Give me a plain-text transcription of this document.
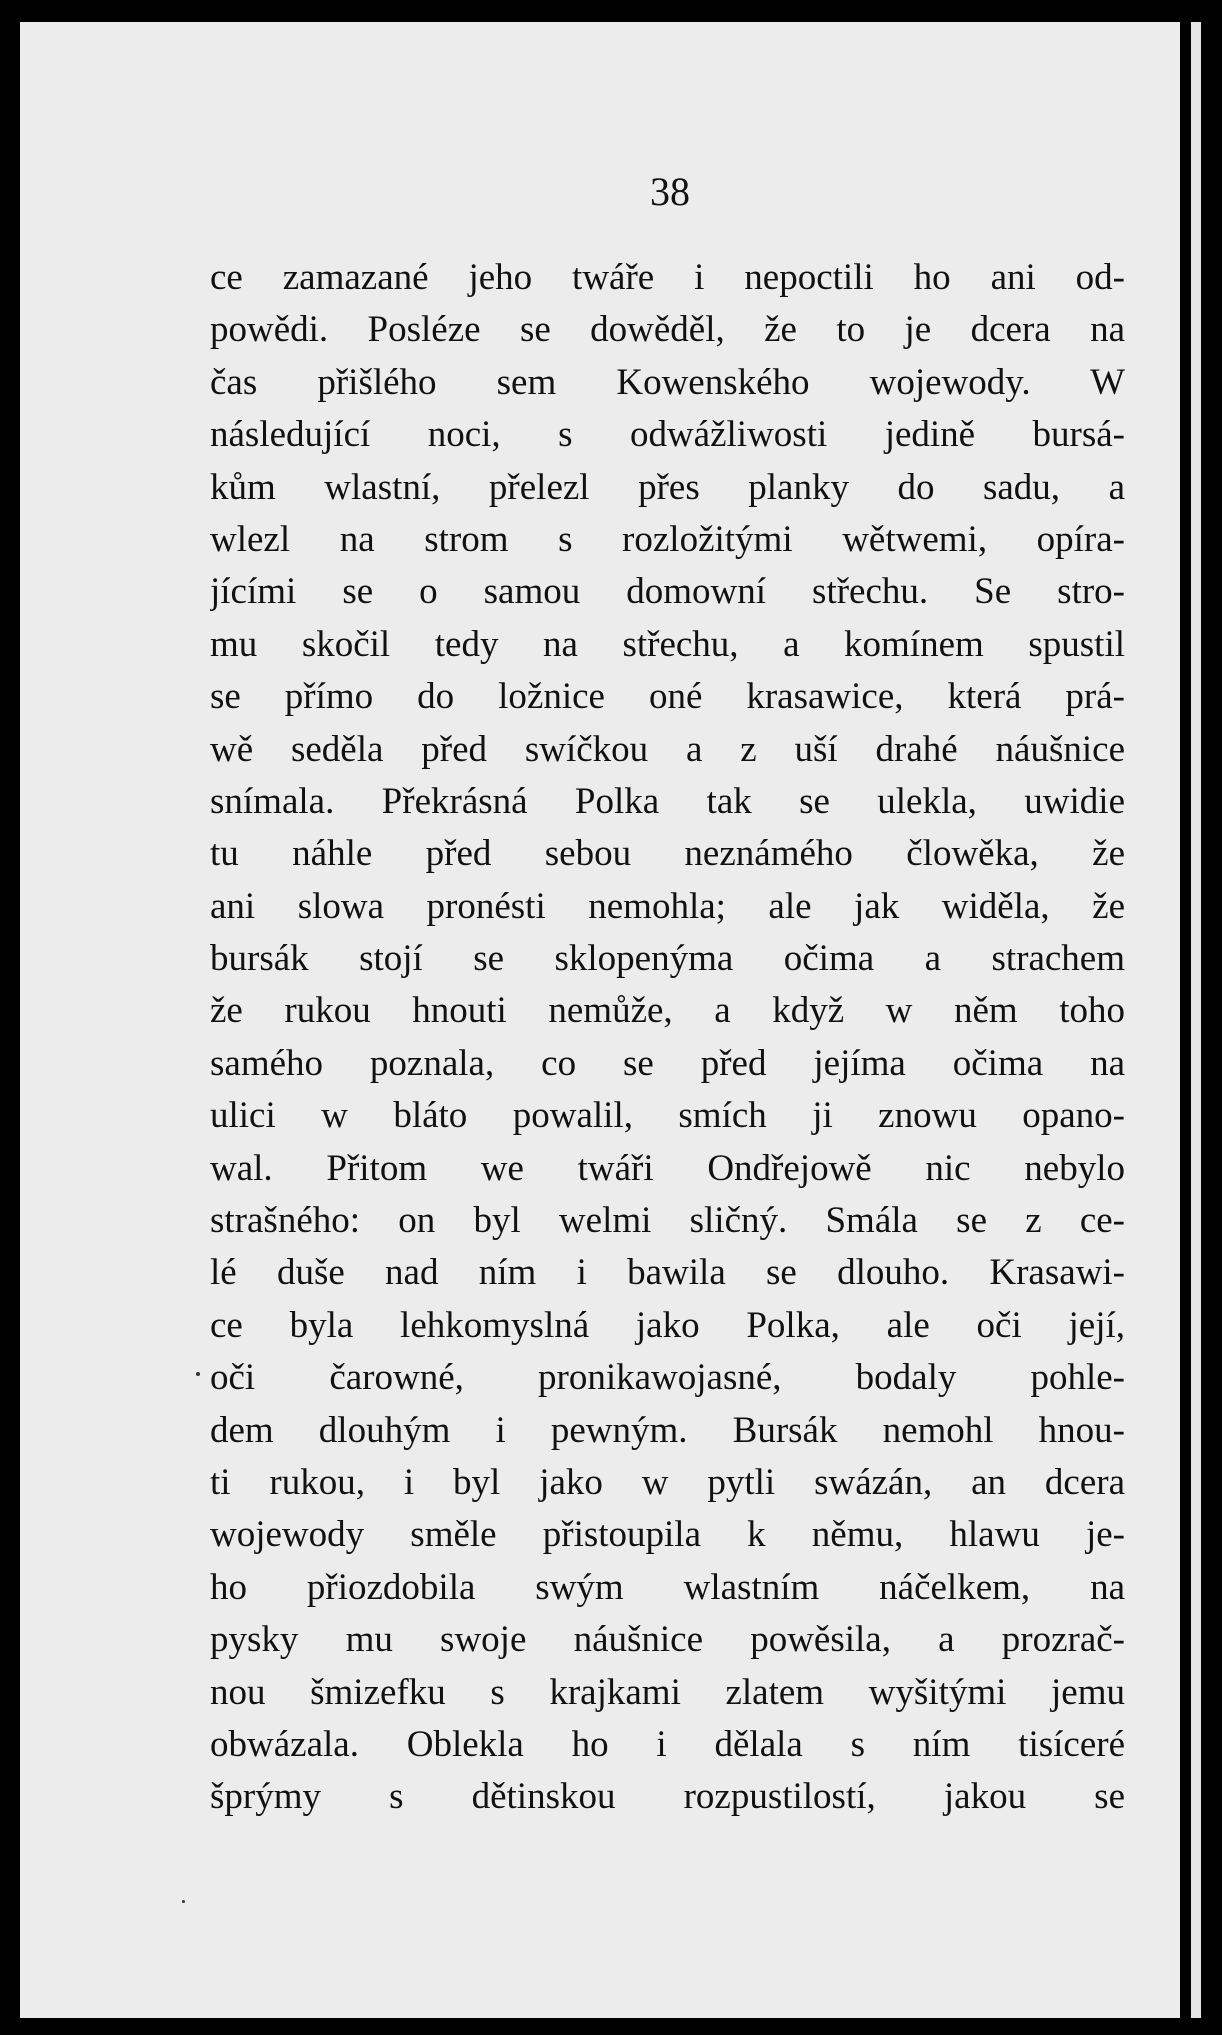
38

ce zamazané jeho twáře i nepoctili ho ani od-
powědi. Posléze se dowěděl, že to je dcera na
čas přišlého sem Kowenského wojewody. W
následující noci, s odwážliwosti jedině bursá-
kům wlastní, přelezl přes planky do sadu, a
wlezl na strom s rozložitými wětwemi, opíra-
jícími se o samou domowní střechu. Se stro-
mu skočil tedy na střechu, a komínem spustil
se přímo do ložnice oné krasawice, která prá-
wě seděla před swíčkou a z uší drahé náušnice
snímala. Překrásná Polka tak se ulekla, uwidie
tu náhle před sebou neznámého člowěka, že
ani slowa pronésti nemohla; ale jak widěla, že
bursák stojí se sklopenýma očima a strachem
že rukou hnouti nemůže, a když w něm toho
samého poznala, co se před jejíma očima na
ulici w bláto powalil, smích ji znowu opano-
wal. Přitom we twáři Ondřejowě nic nebylo
strašného: on byl welmi sličný. Smála se z ce-
lé duše nad ním i bawila se dlouho. Krasawi-
ce byla lehkomyslná jako Polka, ale oči její,
oči čarowné, pronikawojasné, bodaly pohle-
dem dlouhým i pewným. Bursák nemohl hnou-
ti rukou, i byl jako w pytli swázán, an dcera
wojewody směle přistoupila k němu, hlawu je-
ho přiozdobila swým wlastním náčelkem, na
pysky mu swoje náušnice powěsila, a prozrač-
nou šmizefku s krajkami zlatem wyšitými jemu
obwázala. Oblekla ho i dělala s ním tisíceré
šprýmy s dětinskou rozpustilostí, jakou se
